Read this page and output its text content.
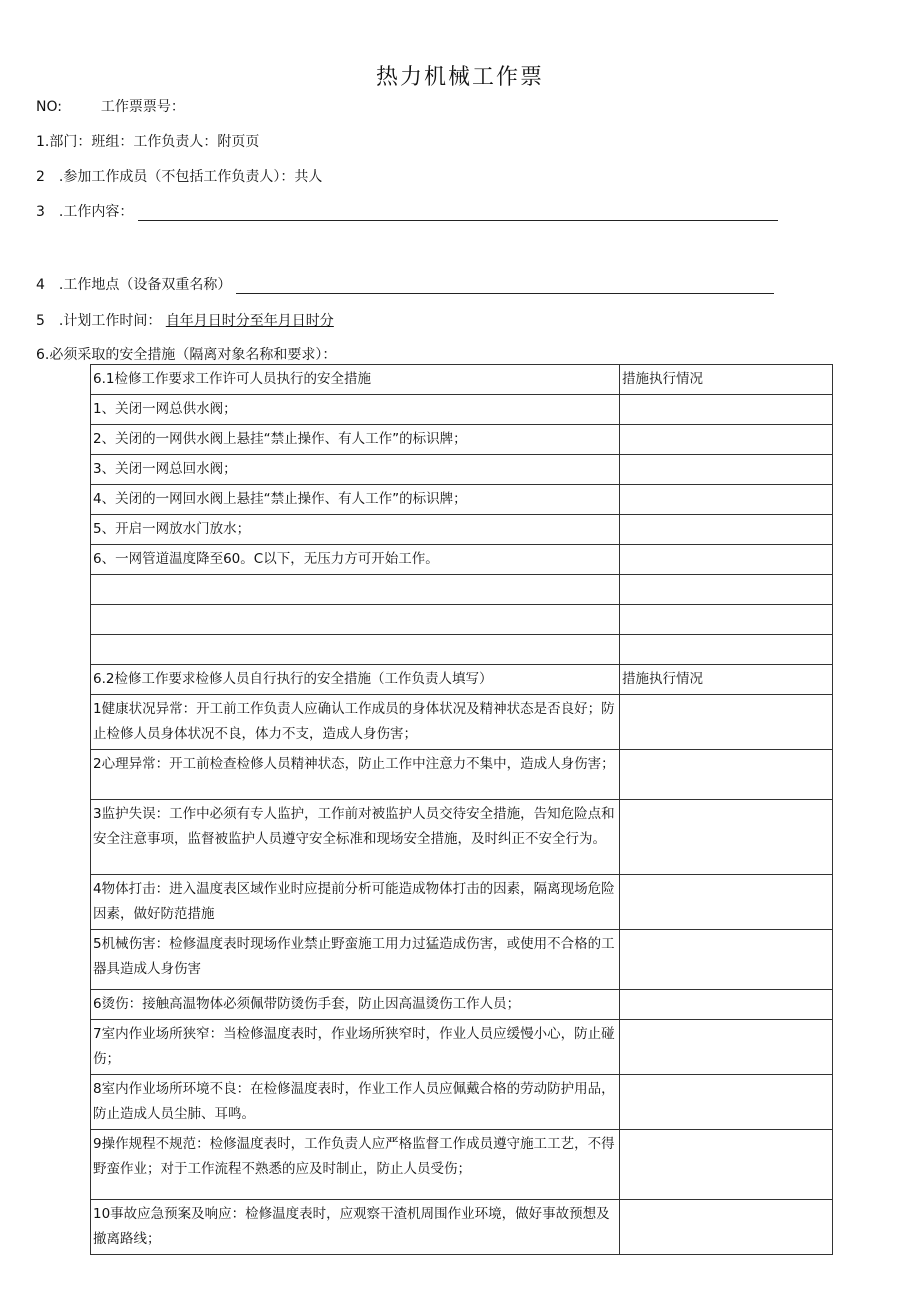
热力机械工作票
NO:	工作票票号：
1.部门：班组：工作负责人：附页页
2　.参加工作成员（不包括工作负责人）：共人
3　.工作内容：
4　.工作地点（设备双重名称）
5　.计划工作时间： 自年月日时分至年月日时分
6.必须采取的安全措施（隔离对象名称和要求）：
6.1检修工作要求工作许可人员执行的安全措施	措施执行情况
1、关闭一网总供水阀；	
2、关闭的一网供水阀上悬挂“禁止操作、有人工作”的标识牌；	
3、关闭一网总回水阀；	
4、关闭的一网回水阀上悬挂“禁止操作、有人工作”的标识牌；	
5、开启一网放水门放水；	
6、一网管道温度降至60。C以下，无压力方可开始工作。	

6.2检修工作要求检修人员自行执行的安全措施（工作负责人填写）	措施执行情况
1健康状况异常：开工前工作负责人应确认工作成员的身体状况及精神状态是否良好；防止检修人员身体状况不良，体力不支，造成人身伤害；	
2心理异常：开工前检查检修人员精神状态，防止工作中注意力不集中，造成人身伤害；	
3监护失误：工作中必须有专人监护，工作前对被监护人员交待安全措施，告知危险点和安全注意事项，监督被监护人员遵守安全标准和现场安全措施，及时纠正不安全行为。	
4物体打击：进入温度表区域作业时应提前分析可能造成物体打击的因素，隔离现场危险因素，做好防范措施	
5机械伤害：检修温度表时现场作业禁止野蛮施工用力过猛造成伤害，或使用不合格的工器具造成人身伤害	
6烫伤：接触高温物体必须佩带防烫伤手套，防止因高温烫伤工作人员；	
7室内作业场所狭窄：当检修温度表时，作业场所狭窄时，作业人员应缓慢小心，防止碰伤；	
8室内作业场所环境不良：在检修温度表时，作业工作人员应佩戴合格的劳动防护用品，防止造成人员尘肺、耳鸣。	
9操作规程不规范：检修温度表时，工作负责人应严格监督工作成员遵守施工工艺，不得野蛮作业；对于工作流程不熟悉的应及时制止，防止人员受伤；	
10事故应急预案及响应：检修温度表时，应观察干渣机周围作业环境，做好事故预想及撤离路线；	
